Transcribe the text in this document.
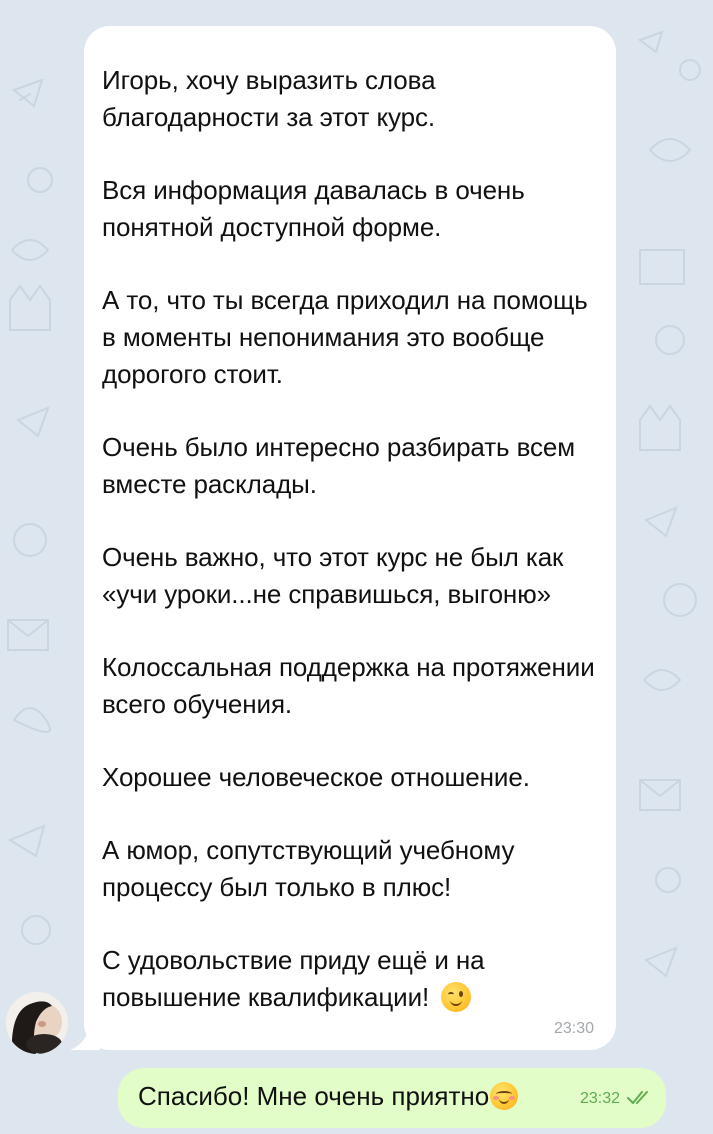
Игорь, хочу выразить слова благодарности за этот курс.

Вся информация давалась в очень понятной доступной форме.

А то, что ты всегда приходил на помощь в моменты непонимания это вообще дорогого стоит.

Очень было интересно разбирать всем вместе расклады.

Очень важно, что этот курс не был как «учи уроки...не справишься, выгоню»

Колоссальная поддержка на протяжении всего обучения.

Хорошее человеческое отношение.

А юмор, сопутствующий учебному процессу был только в плюс!

С удовольствие приду ещё и на повышение квалификации!

23:30
Спасибо! Мне очень приятно	23:32
